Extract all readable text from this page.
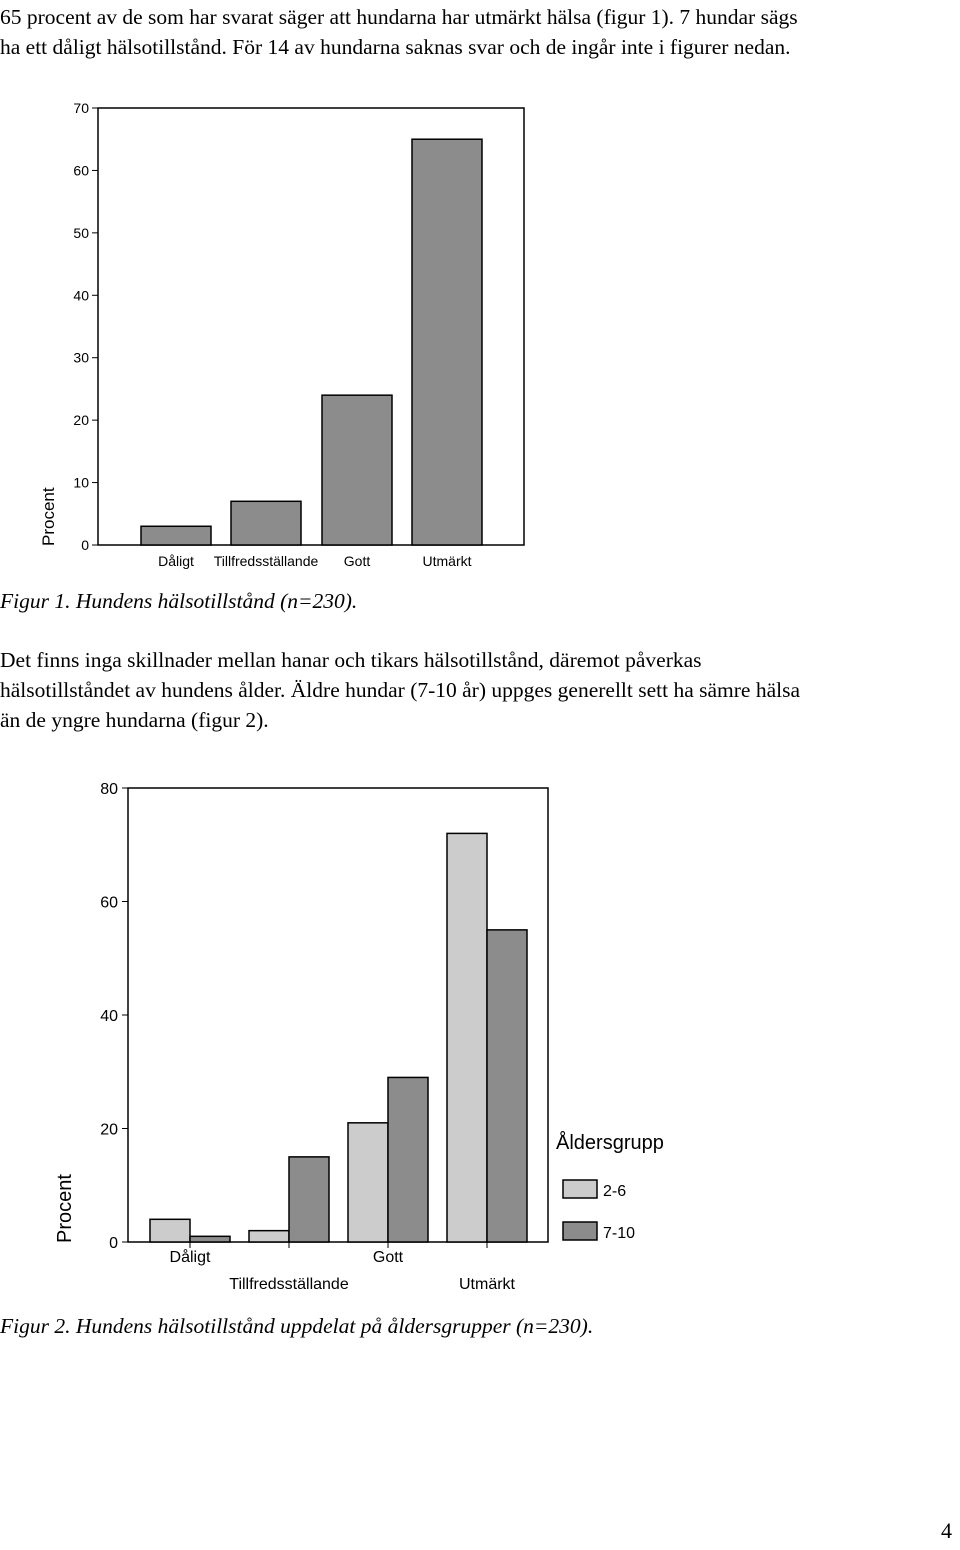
65 procent av de som har svarat säger att hundarna har utmärkt hälsa (figur 1). 7 hundar sägs
ha ett dåligt hälsotillstånd. För 14 av hundarna saknas svar och de ingår inte i figurer nedan.

0
10
20
30
40
50
60
70
Procent
Dåligt Tillfredsställande Gott	Utmärkt

Figur 1. Hundens hälsotillstånd (n=230).

Det finns inga skillnader mellan hanar och tikars hälsotillstånd, däremot påverkas
hälsotillståndet av hundens ålder. Äldre hundar (7-10 år) uppges generellt sett ha sämre hälsa
än de yngre hundarna (figur 2).

0
20
40
60
80
Procent
Dåligt
Tillfredsställande
Gott
Utmärkt
Åldersgrupp
2-6
7-10

Figur 2. Hundens hälsotillstånd uppdelat på åldersgrupper (n=230).

4
